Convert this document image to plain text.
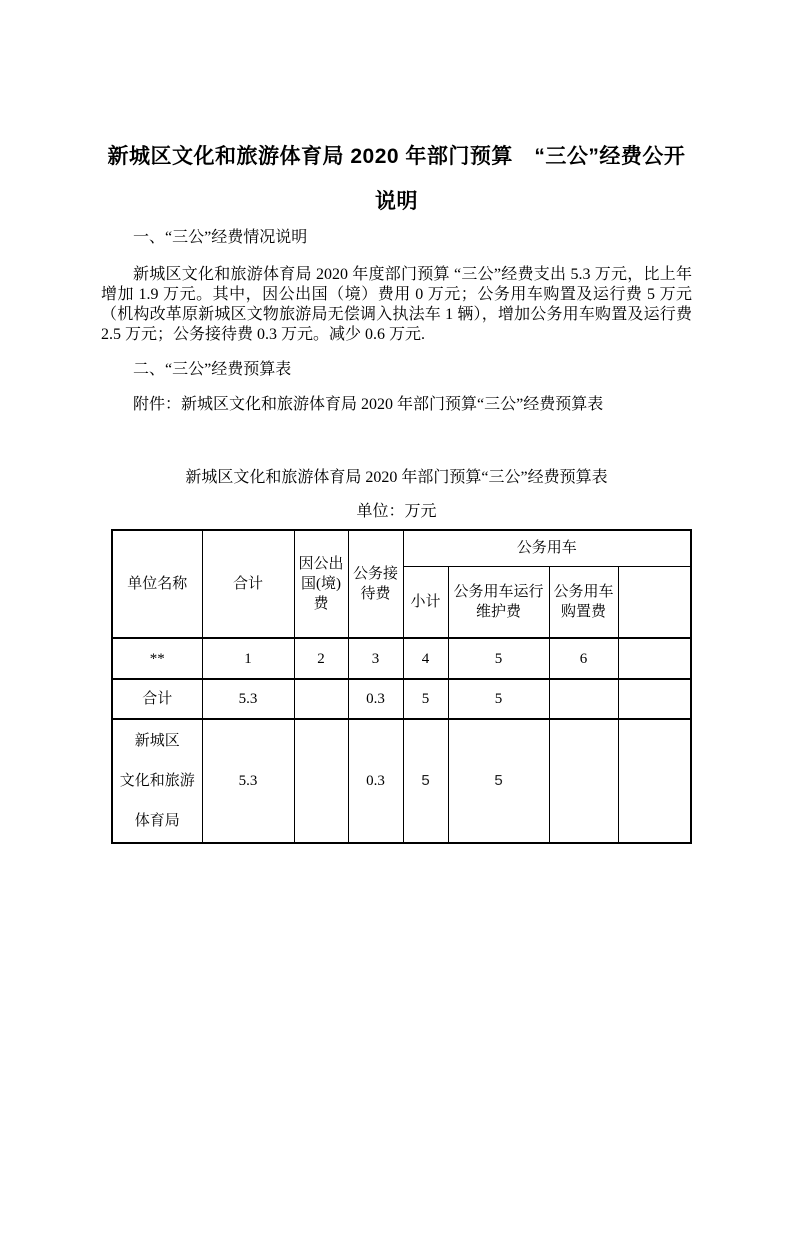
新城区文化和旅游体育局 2020 年部门预算　“三公”经费公开
说明

一、“三公”经费情况说明

新城区文化和旅游体育局 2020 年度部门预算 “三公”经费支出 5.3 万元，比上年增加 1.9 万元。其中，因公出国（境）费用 0 万元；公务用车购置及运行费 5 万元（机构改革原新城区文物旅游局无偿调入执法车 1 辆），增加公务用车购置及运行费 2.5 万元；公务接待费 0.3 万元。减少 0.6 万元.

二、“三公”经费预算表

附件：新城区文化和旅游体育局 2020 年部门预算“三公”经费预算表

新城区文化和旅游体育局 2020 年部门预算“三公”经费预算表

单位：万元

单位名称	合计	因公出国(境)费	公务接待费	公务用车			
				小计	公务用车运行维护费	公务用车购置费	
**	1	2	3	4	5	6	
合计	5.3		0.3	5	5		

新城区
文化和旅游
体育局	5.3		0.3	5	5		
